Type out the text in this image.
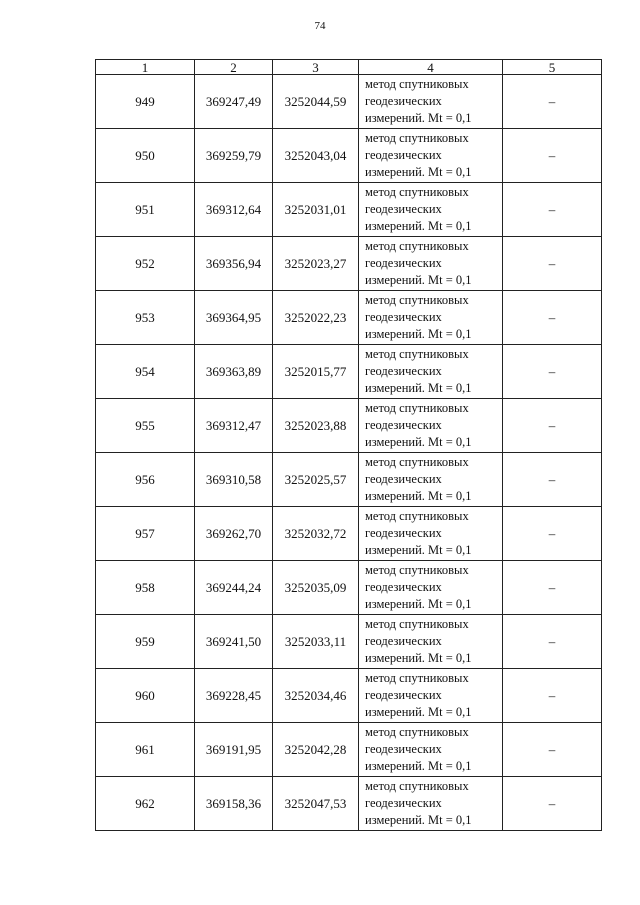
74
1	2	3	4	5
949	369247,49	3252044,59	метод спутниковых
геодезических
измерений. Mt = 0,1	–
950	369259,79	3252043,04	метод спутниковых
геодезических
измерений. Mt = 0,1	–
951	369312,64	3252031,01	метод спутниковых
геодезических
измерений. Mt = 0,1	–
952	369356,94	3252023,27	метод спутниковых
геодезических
измерений. Mt = 0,1	–
953	369364,95	3252022,23	метод спутниковых
геодезических
измерений. Mt = 0,1	–
954	369363,89	3252015,77	метод спутниковых
геодезических
измерений. Mt = 0,1	–
955	369312,47	3252023,88	метод спутниковых
геодезических
измерений. Mt = 0,1	–
956	369310,58	3252025,57	метод спутниковых
геодезических
измерений. Mt = 0,1	–
957	369262,70	3252032,72	метод спутниковых
геодезических
измерений. Mt = 0,1	–
958	369244,24	3252035,09	метод спутниковых
геодезических
измерений. Mt = 0,1	–
959	369241,50	3252033,11	метод спутниковых
геодезических
измерений. Mt = 0,1	–
960	369228,45	3252034,46	метод спутниковых
геодезических
измерений. Mt = 0,1	–
961	369191,95	3252042,28	метод спутниковых
геодезических
измерений. Mt = 0,1	–
962	369158,36	3252047,53	метод спутниковых
геодезических
измерений. Mt = 0,1	–
